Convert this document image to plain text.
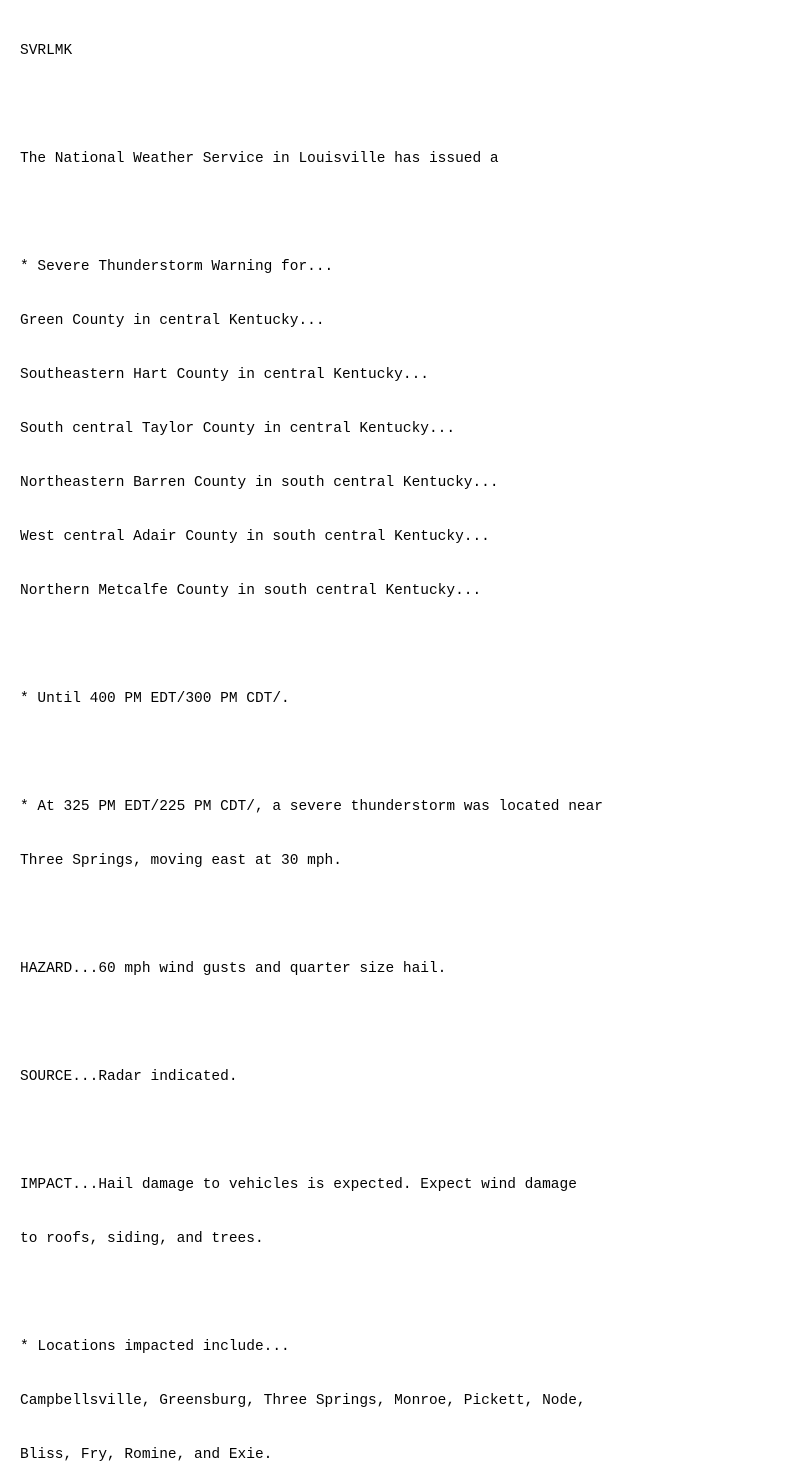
SVRLMK

The National Weather Service in Louisville has issued a

* Severe Thunderstorm Warning for...

Green County in central Kentucky...

Southeastern Hart County in central Kentucky...

South central Taylor County in central Kentucky...

Northeastern Barren County in south central Kentucky...

West central Adair County in south central Kentucky...

Northern Metcalfe County in south central Kentucky...

* Until 400 PM EDT/300 PM CDT/.

* At 325 PM EDT/225 PM CDT/, a severe thunderstorm was located near

Three Springs, moving east at 30 mph.

HAZARD...60 mph wind gusts and quarter size hail.

SOURCE...Radar indicated.

IMPACT...Hail damage to vehicles is expected. Expect wind damage

to roofs, siding, and trees.

* Locations impacted include...

Campbellsville, Greensburg, Three Springs, Monroe, Pickett, Node,

Bliss, Fry, Romine, and Exie.
